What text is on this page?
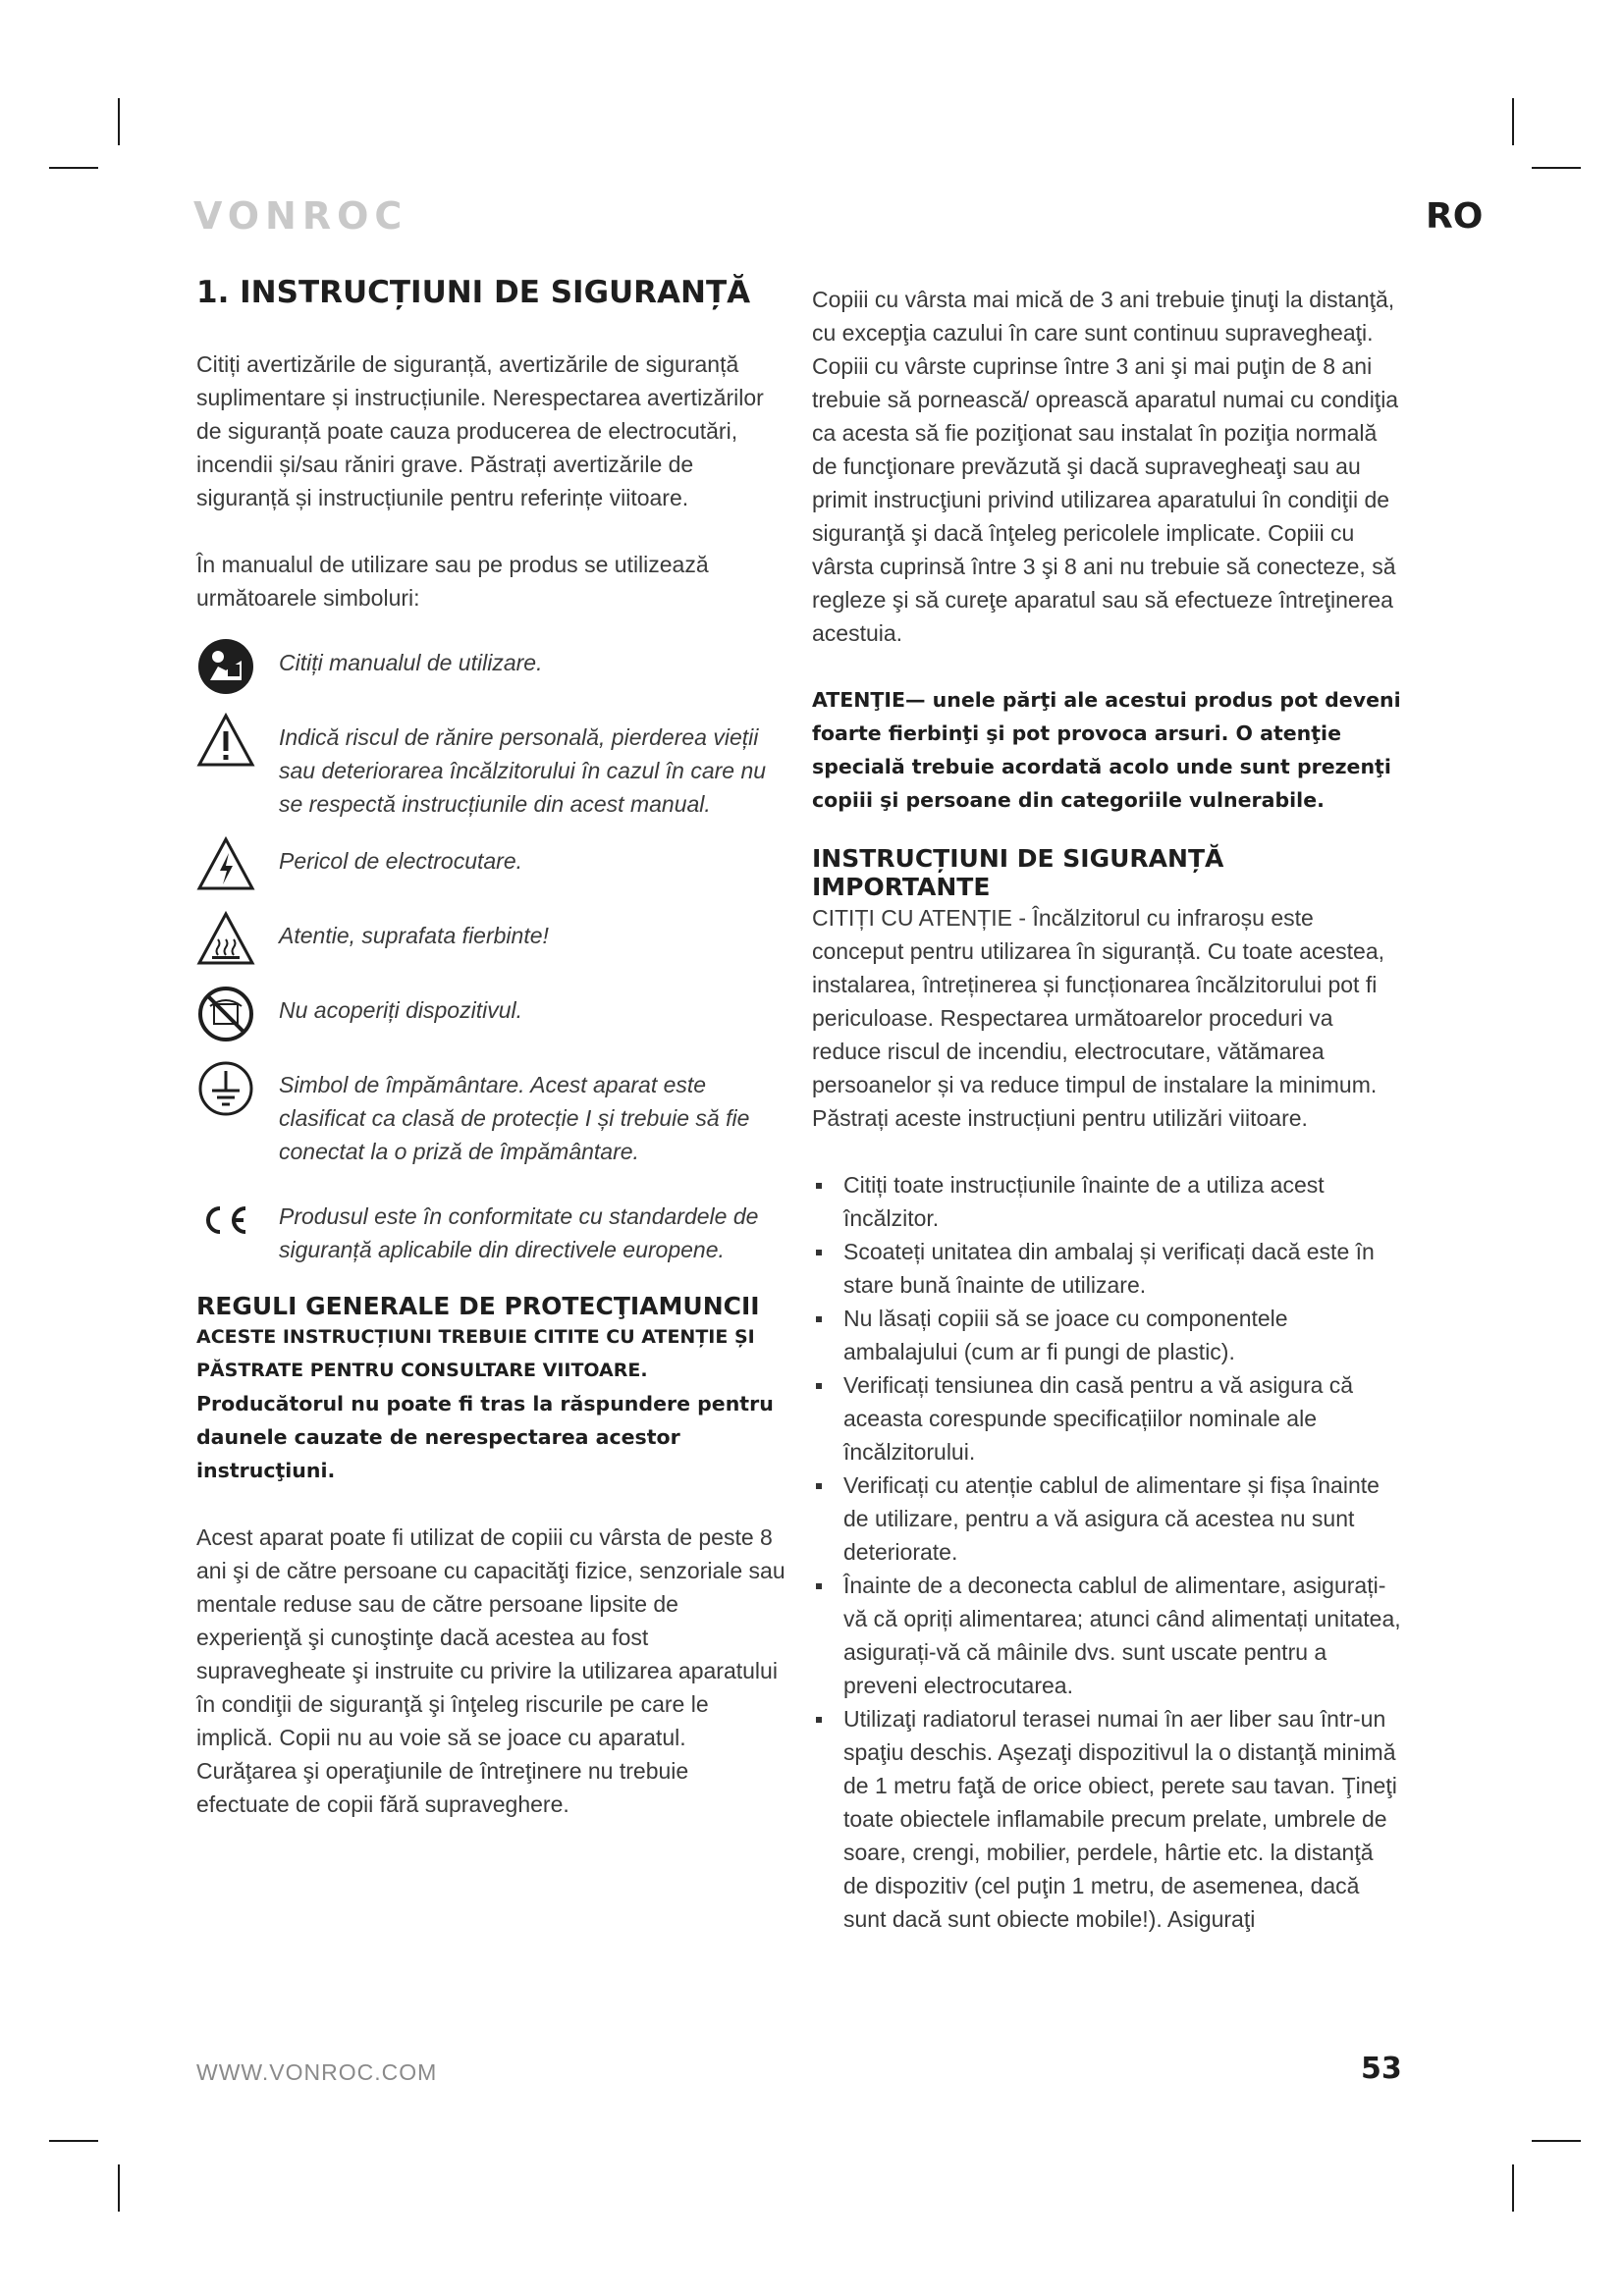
VONROC	RO
1. INSTRUCȚIUNI DE SIGURANȚĂ

Citiți avertizările de siguranță, avertizările de siguranță suplimentare și instrucțiunile. Nerespectarea avertizărilor de siguranță poate cauza producerea de electrocutări, incendii și/sau răniri grave. Păstrați avertizările de siguranță și instrucțiunile pentru referințe viitoare.

În manualul de utilizare sau pe produs se utilizează următoarele simboluri:

Citiți manualul de utilizare.
Indică riscul de rănire personală, pierderea vieții sau deteriorarea încălzitorului în cazul în care nu se respectă instrucțiunile din acest manual.
Pericol de electrocutare.
Atentie, suprafata fierbinte!
Nu acoperiți dispozitivul.
Simbol de împământare. Acest aparat este clasificat ca clasă de protecție I și trebuie să fie conectat la o priză de împământare.
Produsul este în conformitate cu standardele de siguranță aplicabile din directivele europene.
REGULI GENERALE DE PROTECŢIAMUNCII

ACESTE INSTRUCȚIUNI TREBUIE CITITE CU ATENȚIE ȘI PĂSTRATE PENTRU CONSULTARE VIITOARE.

Producătorul nu poate fi tras la răspundere pentru daunele cauzate de nerespectarea acestor instrucţiuni.

Acest aparat poate fi utilizat de copiii cu vârsta de peste 8 ani şi de către persoane cu capacităţi fizice, senzoriale sau mentale reduse sau de către persoane lipsite de experienţă şi cunoştinţe dacă acestea au fost supravegheate şi instruite cu privire la utilizarea aparatului în condiţii de siguranţă şi înţeleg riscurile pe care le implică. Copii nu au voie să se joace cu aparatul. Curăţarea şi operaţiunile de întreţinere nu trebuie efectuate de copii fără supraveghere.

Copiii cu vârsta mai mică de 3 ani trebuie ţinuţi la distanţă, cu excepţia cazului în care sunt continuu supravegheaţi. Copiii cu vârste cuprinse între 3 ani şi mai puţin de 8 ani trebuie să pornească/ oprească aparatul numai cu condiţia ca acesta să fie poziţionat sau instalat în poziţia normală de funcţionare prevăzută şi dacă supravegheaţi sau au primit instrucţiuni privind utilizarea aparatului în condiţii de siguranţă şi dacă înţeleg pericolele implicate. Copiii cu vârsta cuprinsă între 3 şi 8 ani nu trebuie să conecteze, să regleze şi să cureţe aparatul sau să efectueze întreţinerea acestuia.

ATENŢIE— unele părţi ale acestui produs pot deveni foarte fierbinţi şi pot provoca arsuri. O atenţie specială trebuie acordată acolo unde sunt prezenţi copiii şi persoane din categoriile vulnerabile.

INSTRUCȚIUNI DE SIGURANȚĂ IMPORTANTE

CITIȚI CU ATENȚIE - Încălzitorul cu infraroșu este conceput pentru utilizarea în siguranță. Cu toate acestea, instalarea, întreținerea și funcționarea încălzitorului pot fi periculoase. Respectarea următoarelor proceduri va reduce riscul de incendiu, electrocutare, vătămarea persoanelor și va reduce timpul de instalare la minimum. Păstrați aceste instrucțiuni pentru utilizări viitoare.

Citiți toate instrucțiunile înainte de a utiliza acest încălzitor.
Scoateți unitatea din ambalaj și verificați dacă este în stare bună înainte de utilizare.
Nu lăsați copiii să se joace cu componentele ambalajului (cum ar fi pungi de plastic).
Verificați tensiunea din casă pentru a vă asigura că aceasta corespunde specificațiilor nominale ale încălzitorului.
Verificați cu atenție cablul de alimentare și fișa înainte de utilizare, pentru a vă asigura că acestea nu sunt deteriorate.
Înainte de a deconecta cablul de alimentare, asigurați-vă că opriți alimentarea; atunci când alimentați unitatea, asigurați-vă că mâinile dvs. sunt uscate pentru a preveni electrocutarea.
Utilizaţi radiatorul terasei numai în aer liber sau într-un spaţiu deschis. Aşezaţi dispozitivul la o distanţă minimă de 1 metru faţă de orice obiect, perete sau tavan. Ţineţi toate obiectele inflamabile precum prelate, umbrele de soare, crengi, mobilier, perdele, hârtie etc. la distanţă de dispozitiv (cel puţin 1 metru, de asemenea, dacă sunt dacă sunt obiecte mobile!). Asiguraţi
WWW.VONROC.COM	53
